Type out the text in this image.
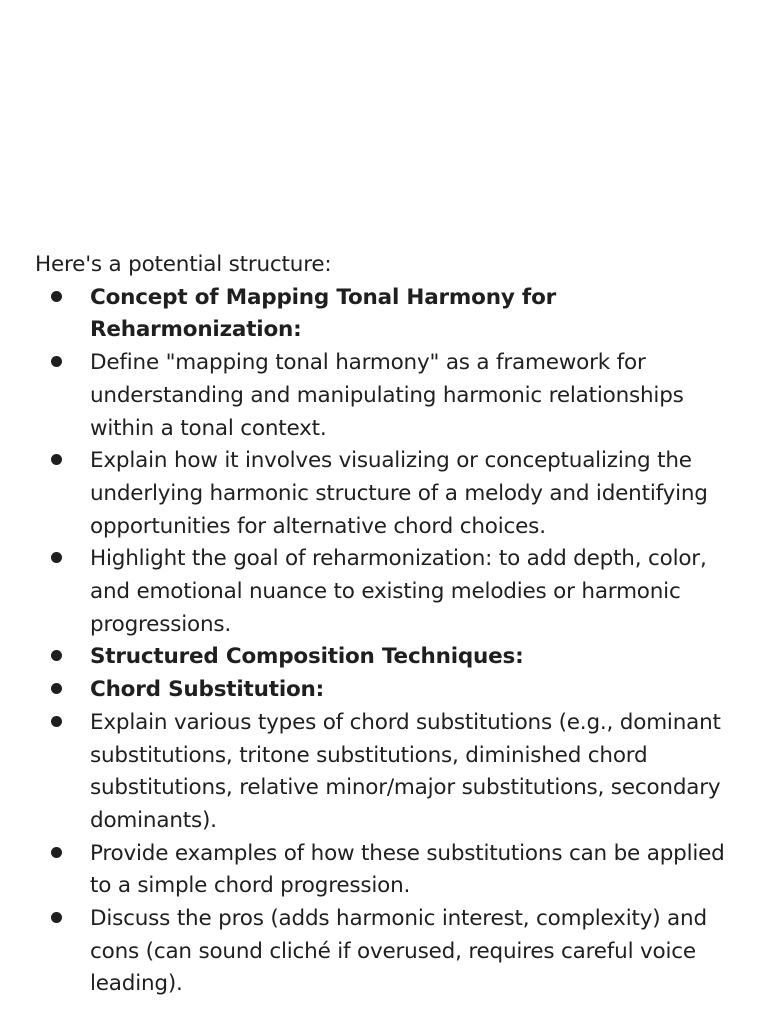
Here's a potential structure:

Concept of Mapping Tonal Harmony for Reharmonization:
Define "mapping tonal harmony" as a framework for understanding and manipulating harmonic relationships within a tonal context.
Explain how it involves visualizing or conceptualizing the underlying harmonic structure of a melody and identifying opportunities for alternative chord choices.
Highlight the goal of reharmonization: to add depth, color, and emotional nuance to existing melodies or harmonic progressions.
Structured Composition Techniques:
Chord Substitution:
Explain various types of chord substitutions (e.g., dominant substitutions, tritone substitutions, diminished chord substitutions, relative minor/major substitutions, secondary dominants).
Provide examples of how these substitutions can be applied to a simple chord progression.
Discuss the pros (adds harmonic interest, complexity) and cons (can sound cliché if overused, requires careful voice leading).
